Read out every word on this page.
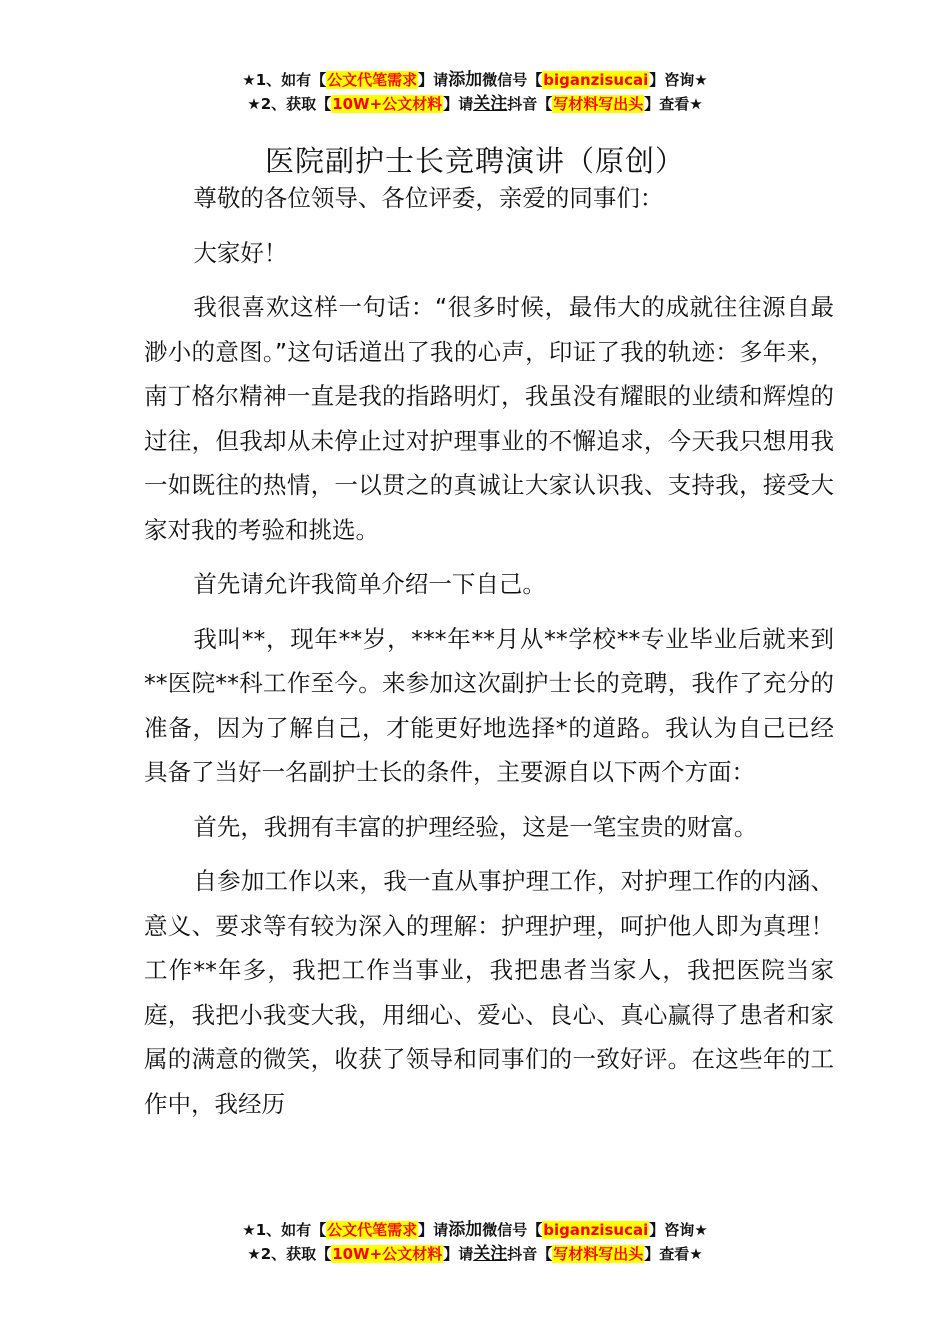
★1、如有【公文代笔需求】请添加微信号【biganzisucai】咨询★
★2、获取【10W+公文材料】请关注抖音【写材料写出头】查看★
医院副护士长竞聘演讲（原创）

尊敬的各位领导、各位评委，亲爱的同事们：

大家好！

我很喜欢这样一句话：“很多时候，最伟大的成就往往源自最渺小的意图。”这句话道出了我的心声，印证了我的轨迹：多年来，南丁格尔精神一直是我的指路明灯，我虽没有耀眼的业绩和辉煌的过往，但我却从未停止过对护理事业的不懈追求，今天我只想用我一如既往的热情，一以贯之的真诚让大家认识我、支持我，接受大家对我的考验和挑选。

首先请允许我简单介绍一下自己。

我叫**，现年**岁，***年**月从**学校**专业毕业后就来到**医院**科工作至今。来参加这次副护士长的竞聘，我作了充分的准备，因为了解自己，才能更好地选择*的道路。我认为自己已经具备了当好一名副护士长的条件，主要源自以下两个方面：

首先，我拥有丰富的护理经验，这是一笔宝贵的财富。

自参加工作以来，我一直从事护理工作，对护理工作的内涵、意义、要求等有较为深入的理解：护理护理，呵护他人即为真理！工作**年多，我把工作当事业，我把患者当家人，我把医院当家庭，我把小我变大我，用细心、爱心、良心、真心赢得了患者和家属的满意的微笑，收获了领导和同事们的一致好评。在这些年的工作中，我经历

★1、如有【公文代笔需求】请添加微信号【biganzisucai】咨询★
★2、获取【10W+公文材料】请关注抖音【写材料写出头】查看★
